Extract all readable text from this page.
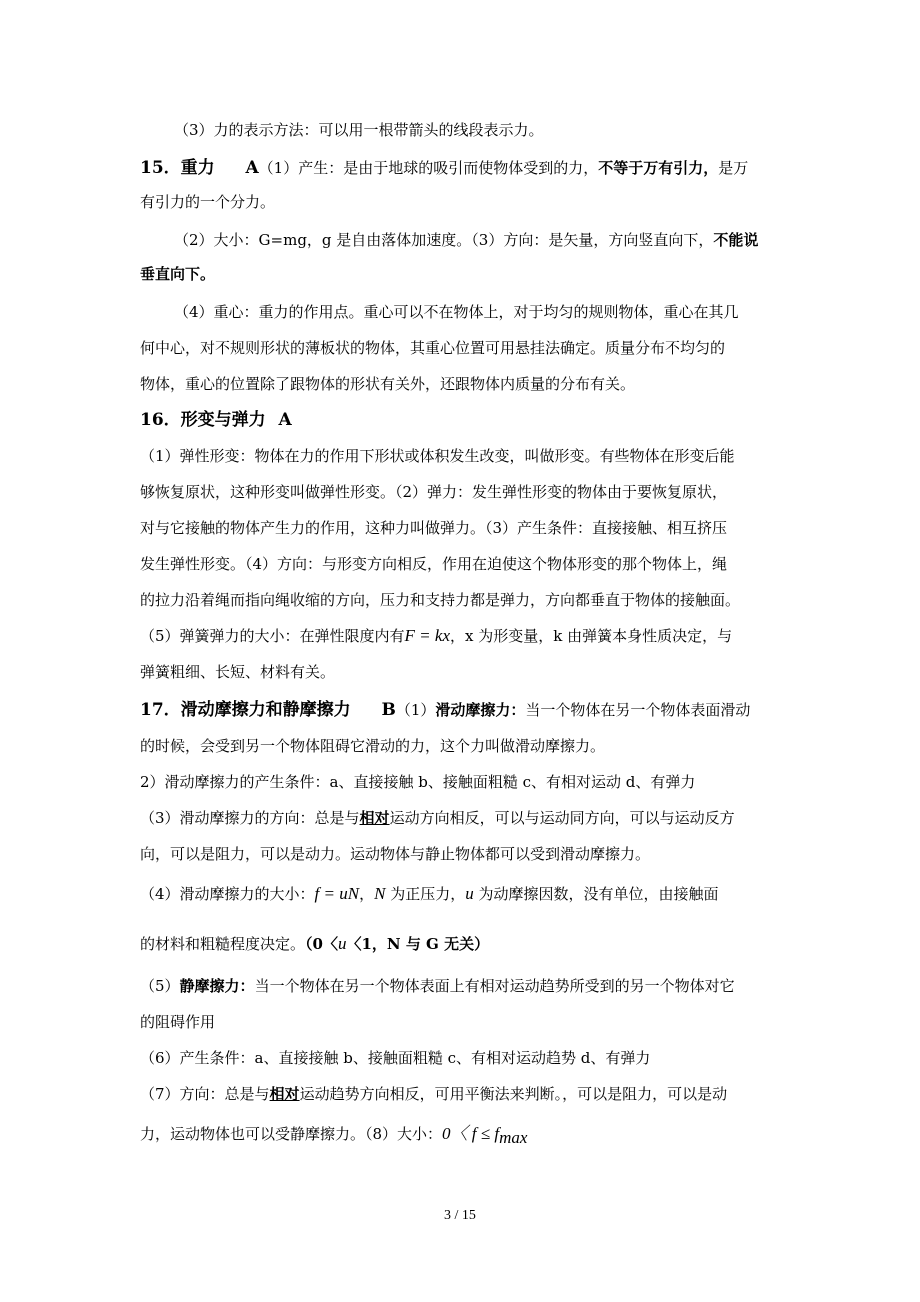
（3）力的表示方法：可以用一根带箭头的线段表示力。
15．重力 A（1）产生：是由于地球的吸引而使物体受到的力，不等于万有引力，是万
有引力的一个分力。
（2）大小：G=mg，g 是自由落体加速度。（3）方向：是矢量，方向竖直向下，不能说
垂直向下。
（4）重心：重力的作用点。重心可以不在物体上，对于均匀的规则物体，重心在其几
何中心，对不规则形状的薄板状的物体，其重心位置可用悬挂法确定。质量分布不均匀的
物体，重心的位置除了跟物体的形状有关外，还跟物体内质量的分布有关。
16．形变与弹力 A
（1）弹性形变：物体在力的作用下形状或体积发生改变，叫做形变。有些物体在形变后能
够恢复原状，这种形变叫做弹性形变。（2）弹力：发生弹性形变的物体由于要恢复原状，
对与它接触的物体产生力的作用，这种力叫做弹力。（3）产生条件：直接接触、相互挤压
发生弹性形变。（4）方向：与形变方向相反，作用在迫使这个物体形变的那个物体上，绳
的拉力沿着绳而指向绳收缩的方向，压力和支持力都是弹力，方向都垂直于物体的接触面。
（5）弹簧弹力的大小：在弹性限度内有F = kx，x 为形变量，k 由弹簧本身性质决定，与
弹簧粗细、长短、材料有关。
17．滑动摩擦力和静摩擦力 B（1）滑动摩擦力：当一个物体在另一个物体表面滑动
的时候，会受到另一个物体阻碍它滑动的力，这个力叫做滑动摩擦力。
2）滑动摩擦力的产生条件：a、直接接触 b、接触面粗糙 c、有相对运动 d、有弹力
（3）滑动摩擦力的方向：总是与相对运动方向相反，可以与运动同方向，可以与运动反方
向，可以是阻力，可以是动力。运动物体与静止物体都可以受到滑动摩擦力。
（4）滑动摩擦力的大小：f = uN，N 为正压力，u 为动摩擦因数，没有单位，由接触面
的材料和粗糙程度决定。（0〈u〈1，N 与 G 无关）
（5）静摩擦力：当一个物体在另一个物体表面上有相对运动趋势所受到的另一个物体对它
的阻碍作用
（6）产生条件：a、直接接触 b、接触面粗糙 c、有相对运动趋势 d、有弹力
（7）方向：总是与相对运动趋势方向相反，可用平衡法来判断。，可以是阻力，可以是动
力，运动物体也可以受静摩擦力。（8）大小：0〈 $f \le f_{max}$
3 / 15
